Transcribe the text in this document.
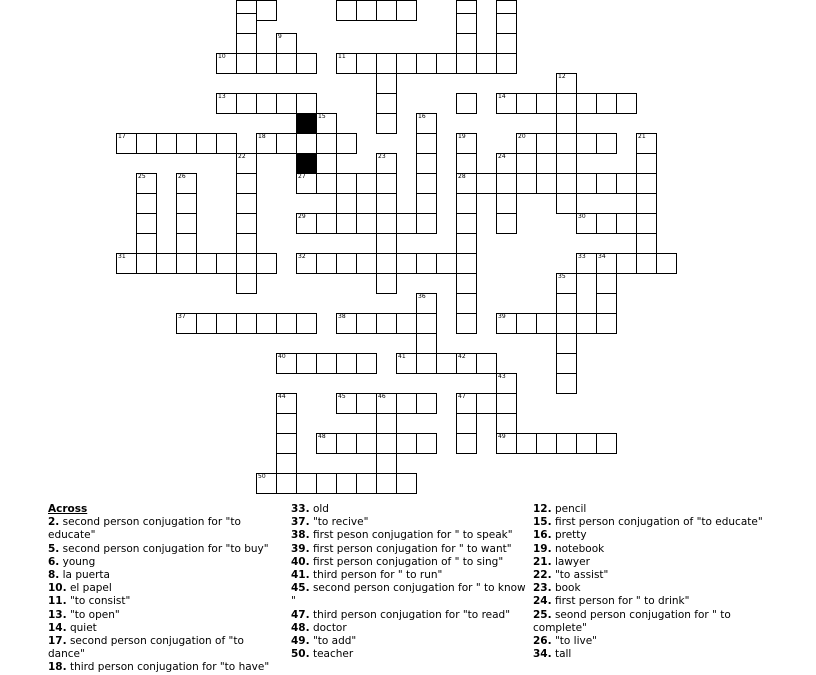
9
10	11
12
13	14
15	16
17	18	19	20	21
22	23	24
25	26	27	28
29	30
31	32	33 34
35
36
37	38	39
40	41	42
43
44	45	46	47
48	49
50
Across
2. second person conjugation for "to educate"
5. second person conjugation for "to buy"
6. young
8. la puerta
10. el papel
11. "to consist"
13. "to open"
14. quiet
17. second person conjugation of "to dance"
18. third person conjugation for "to have"
33. old
37. "to recive"
38. first peson conjugation for " to speak"
39. first person conjugation for " to want"
40. first person conjugation of " to sing"
41. third person for " to run"
45. second person conjugation for " to know "
47. third person conjugation for "to read"
48. doctor
49. "to add"
50. teacher
12. pencil
15. first person conjugation of "to educate"
16. pretty
19. notebook
21. lawyer
22. "to assist"
23. book
24. first person for " to drink"
25. seond person conjugation for " to complete"
26. "to live"
34. tall
